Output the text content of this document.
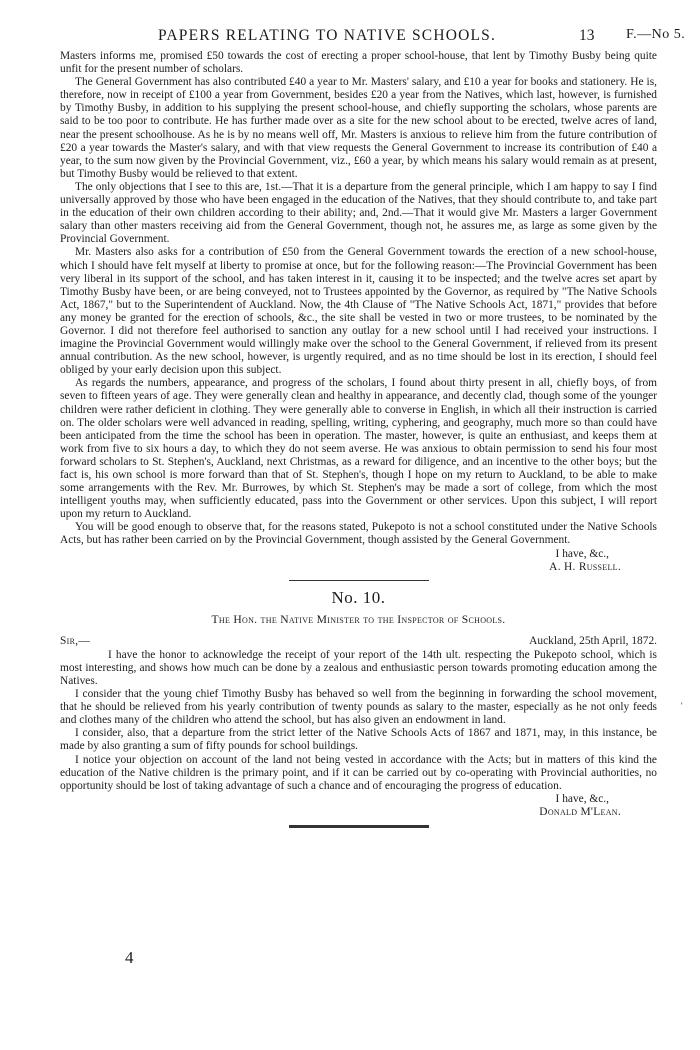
PAPERS RELATING TO NATIVE SCHOOLS.	13 F.—No 5.

Masters informs me, promised £50 towards the cost of erecting a proper school-house, that lent by Timothy Busby being quite unfit for the present number of scholars.

The General Government has also contributed £40 a year to Mr. Masters' salary, and £10 a year for books and stationery. He is, therefore, now in receipt of £100 a year from Government, besides £20 a year from the Natives, which last, however, is furnished by Timothy Busby, in addition to his supplying the present school-house, and chiefly supporting the scholars, whose parents are said to be too poor to contribute. He has further made over as a site for the new school about to be erected, twelve acres of land, near the present schoolhouse. As he is by no means well off, Mr. Masters is anxious to relieve him from the future contribution of £20 a year towards the Master's salary, and with that view requests the General Government to increase its contribution of £40 a year, to the sum now given by the Provincial Government, viz., £60 a year, by which means his salary would remain as at present, but Timothy Busby would be relieved to that extent.

The only objections that I see to this are, 1st.—That it is a departure from the general principle, which I am happy to say I find universally approved by those who have been engaged in the education of the Natives, that they should contribute to, and take part in the education of their own children according to their ability; and, 2nd.—That it would give Mr. Masters a larger Government salary than other masters receiving aid from the General Government, though not, he assures me, as large as some given by the Provincial Government.

Mr. Masters also asks for a contribution of £50 from the General Government towards the erection of a new school-house, which I should have felt myself at liberty to promise at once, but for the following reason:—The Provincial Government has been very liberal in its support of the school, and has taken interest in it, causing it to be inspected; and the twelve acres set apart by Timothy Busby have been, or are being conveyed, not to Trustees appointed by the Governor, as required by "The Native Schools Act, 1867," but to the Superintendent of Auckland. Now, the 4th Clause of "The Native Schools Act, 1871," provides that before any money be granted for the erection of schools, &c., the site shall be vested in two or more trustees, to be nominated by the Governor. I did not therefore feel authorised to sanction any outlay for a new school until I had received your instructions. I imagine the Provincial Government would willingly make over the school to the General Government, if relieved from its present annual contribution. As the new school, however, is urgently required, and as no time should be lost in its erection, I should feel obliged by your early decision upon this subject.

As regards the numbers, appearance, and progress of the scholars, I found about thirty present in all, chiefly boys, of from seven to fifteen years of age. They were generally clean and healthy in appearance, and decently clad, though some of the younger children were rather deficient in clothing. They were generally able to converse in English, in which all their instruction is carried on. The older scholars were well advanced in reading, spelling, writing, cyphering, and geography, much more so than could have been anticipated from the time the school has been in operation. The master, however, is quite an enthusiast, and keeps them at work from five to six hours a day, to which they do not seem averse. He was anxious to obtain permission to send his four most forward scholars to St. Stephen's, Auckland, next Christmas, as a reward for diligence, and an incentive to the other boys; but the fact is, his own school is more forward than that of St. Stephen's, though I hope on my return to Auckland, to be able to make some arrangements with the Rev. Mr. Burrowes, by which St. Stephen's may be made a sort of college, from which the most intelligent youths may, when sufficiently educated, pass into the Government or other services. Upon this subject, I will report upon my return to Auckland.

You will be good enough to observe that, for the reasons stated, Pukepoto is not a school constituted under the Native Schools Acts, but has rather been carried on by the Provincial Government, though assisted by the General Government.

I have, &c.,
A. H. Russell.
No. 10.
The Hon. the Native Minister to the Inspector of Schools.
Sir,—	Auckland, 25th April, 1872.

I have the honor to acknowledge the receipt of your report of the 14th ult. respecting the Pukepoto school, which is most interesting, and shows how much can be done by a zealous and enthusiastic person towards promoting education among the Natives.

I consider that the young chief Timothy Busby has behaved so well from the beginning in forwarding the school movement, that he should be relieved from his yearly contribution of twenty pounds as salary to the master, especially as he not only feeds and clothes many of the children who attend the school, but has also given an endowment in land.

I consider, also, that a departure from the strict letter of the Native Schools Acts of 1867 and 1871, may, in this instance, be made by also granting a sum of fifty pounds for school buildings.

I notice your objection on account of the land not being vested in accordance with the Acts; but in matters of this kind the education of the Native children is the primary point, and if it can be carried out by co-operating with Provincial authorities, no opportunity should be lost of taking advantage of such a chance and of encouraging the progress of education.

I have, &c.,
Donald M'Lean.
4
‘
